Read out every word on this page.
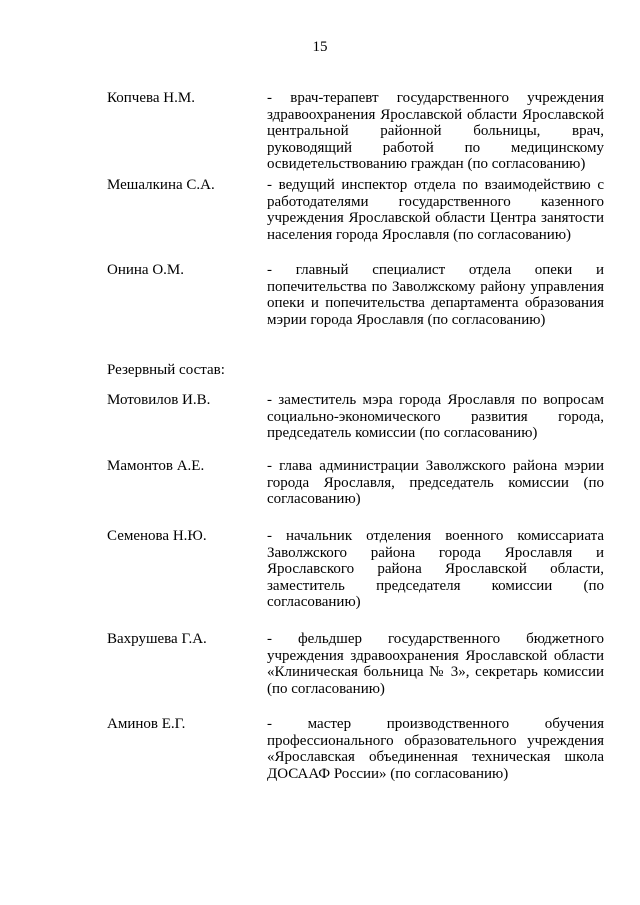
15
Копчева Н.М.	- врач-терапевт государственного учреждения здравоохранения Ярославской области Ярославской центральной районной больницы, врач, руководящий работой по медицинскому освидетельствованию граждан (по согласованию)
Мешалкина С.А.	- ведущий инспектор отдела по взаимодействию с работодателями государственного казенного учреждения Ярославской области Центра занятости населения города Ярославля (по согласованию)
Онина О.М.	- главный специалист отдела опеки и попечительства по Заволжскому району управления опеки и попечительства департамента образования мэрии города Ярославля (по согласованию)
Резервный состав:
Мотовилов И.В.	- заместитель мэра города Ярославля по вопросам социально-экономического развития города, председатель комиссии (по согласованию)
Мамонтов А.Е.	- глава администрации Заволжского района мэрии города Ярославля, председатель комиссии (по согласованию)
Семенова Н.Ю.	- начальник отделения военного комиссариата Заволжского района города Ярославля и Ярославского района Ярославской области, заместитель председателя комиссии (по согласованию)
Вахрушева Г.А.	- фельдшер государственного бюджетного учреждения здравоохранения Ярославской области «Клиническая больница № 3», секретарь комиссии (по согласованию)
Аминов Е.Г.	- мастер производственного обучения профессионального образовательного учреждения «Ярославская объединенная техническая школа ДОСААФ России» (по согласованию)
